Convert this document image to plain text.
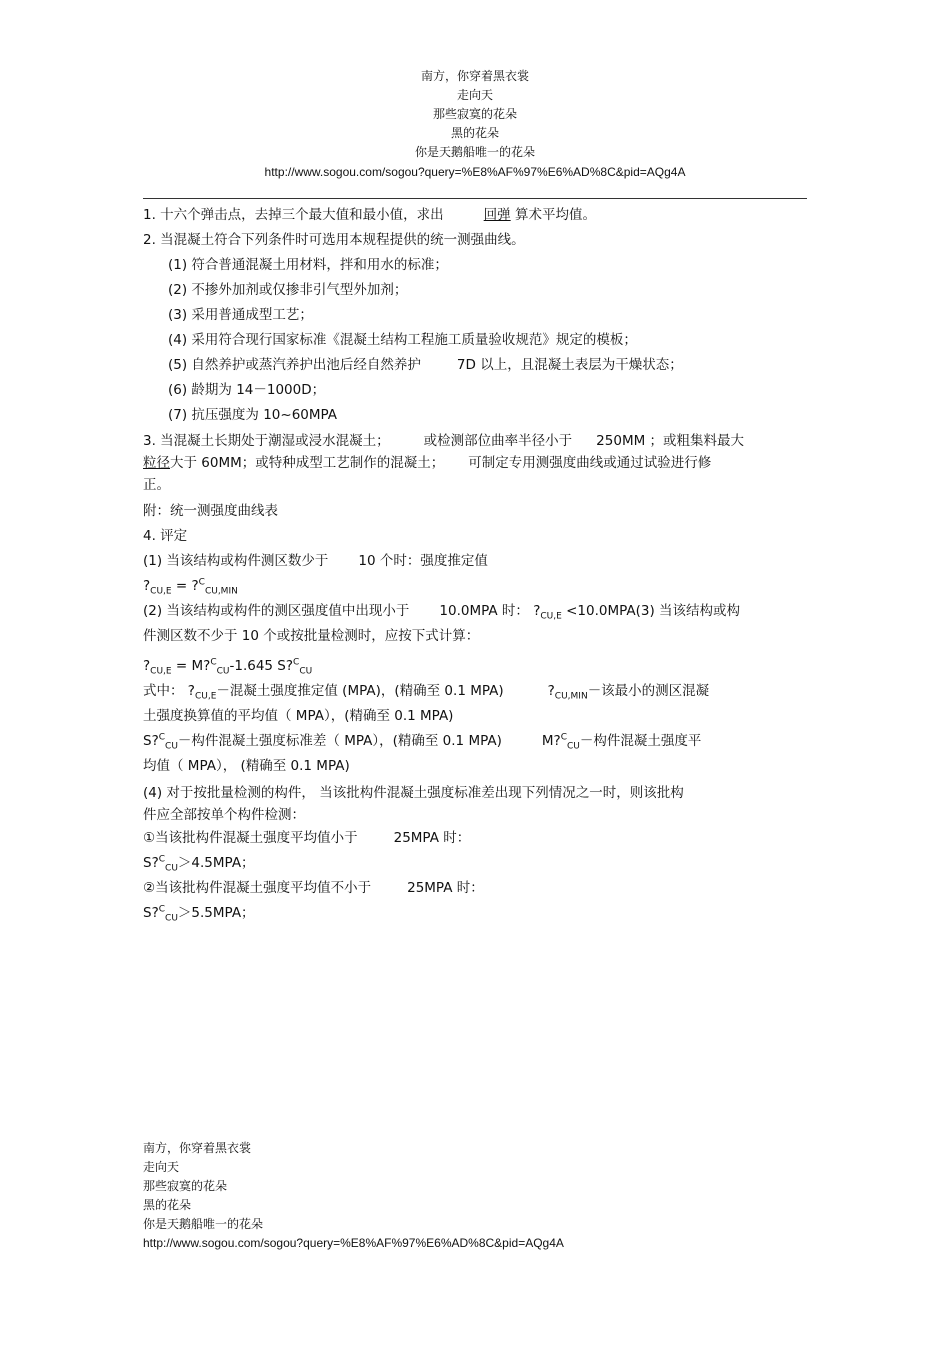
南方，你穿着黑衣裳
走向天
那些寂寞的花朵
黑的花朵
你是天鹅船唯一的花朵
http://www.sogou.com/sogou?query=%E8%AF%97%E6%AD%8C&pid=AQg4A

1. 十六个弹击点，去掉三个最大值和最小值，求出	回弹 算术平均值。

2. 当混凝土符合下列条件时可选用本规程提供的统一测强曲线。

(1) 符合普通混凝土用材料，拌和用水的标准；

(2) 不掺外加剂或仅掺非引气型外加剂；

(3) 采用普通成型工艺；

(4) 采用符合现行国家标准《混凝土结构工程施工质量验收规范》规定的模板；

(5) 自然养护或蒸汽养护出池后经自然养护	7D 以上，且混凝土表层为干燥状态；

(6) 龄期为 14－1000D；

(7) 抗压强度为 10~60MPA

3. 当混凝土长期处于潮湿或浸水混凝土；	或检测部位曲率半径小于 250MM ；或粗集料最大
粒径大于 60MM；或特种成型工艺制作的混凝土； 可制定专用测强度曲线或通过试验进行修
正。

附：统一测强度曲线表

4. 评定

(1) 当该结构或构件测区数少于 10 个时：强度推定值

$?_{CU,E}$ = ?$^C_{CU,MIN}$

(2) 当该结构或构件的测区强度值中出现小于 10.0MPA 时： $?_{CU,E} <10.0MPA(3)$ 当该结构或构
件测区数不少于 10 个或按批量检测时，应按下式计算：

$?_{CU,E}$ = M?$^C_{CU}$-1.645 S?$^C_{CU}$

式中： $?_{CU,E}-$混凝土强度推定值 (MPA)，(精确至 0.1 MPA)	$?_{CU,MIN}-$该最小的测区混凝
土强度换算值的平均值（ MPA），(精确至 0.1 MPA)

S?$^C_{CU}$－构件混凝土强度标准差（ MPA），(精确至 0.1 MPA)	M?$^C_{CU}$－构件混凝土强度平
均值（ MPA）， (精确至 0.1 MPA)

(4) 对于按批量检测的构件， 当该批构件混凝土强度标准差出现下列情况之一时，则该批构
件应全部按单个构件检测：

①当该批构件混凝土强度平均值小于	25MPA 时：

S?$^C_{CU}$＞4.5MPA；

②当该批构件混凝土强度平均值不小于	25MPA 时：

S?$^C_{CU}$＞5.5MPA；

南方，你穿着黑衣裳
走向天
那些寂寞的花朵
黑的花朵
你是天鹅船唯一的花朵
http://www.sogou.com/sogou?query=%E8%AF%97%E6%AD%8C&pid=AQg4A
